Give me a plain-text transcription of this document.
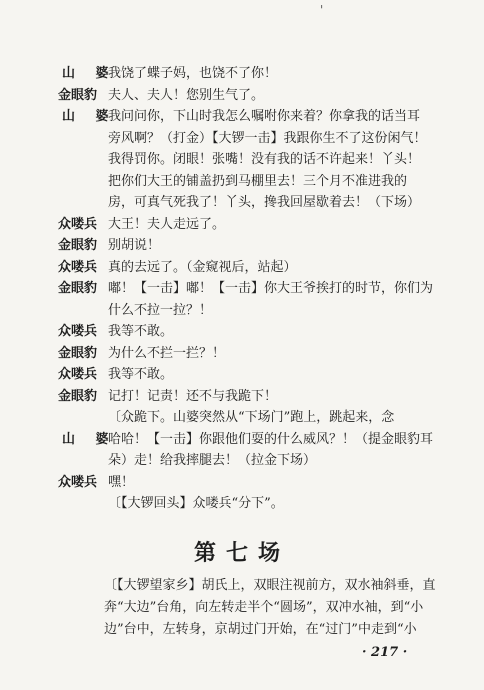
'
山 婆
我饶了蝶子妈，也饶不了你！
金眼豹 夫人、夫人！您别生气了。
山 婆
我问问你，下山时我怎么嘱咐你来着？你拿我的话当耳
旁风啊？（打金）【大锣一击】我跟你生不了这份闲气！
我得罚你。闭眼！张嘴！没有我的话不许起来！丫头！
把你们大王的铺盖扔到马棚里去！三个月不准进我的
房，可真气死我了！丫头，搀我回屋歇着去！（下场）
众喽兵 大王！夫人走远了。
金眼豹 别胡说！
众喽兵 真的去远了。（金窥视后，站起）
金眼豹 嘟！【一击】嘟！【一击】你大王爷挨打的时节，你们为
什么不拉一拉？！
众喽兵 我等不敢。
金眼豹 为什么不拦一拦？！
众喽兵 我等不敢。
金眼豹 记打！记责！还不与我跪下！
〔众跪下。山婆突然从“下场门”跑上，跳起来，念
山 婆
哈哈！【一击】你跟他们耍的什么威风？！（提金眼豹耳
朵）走！给我摔腿去！（拉金下场）
众喽兵 嘿！
〔【大锣回头】众喽兵“分下”。
第七场
〔【大锣望家乡】胡氏上，双眼注视前方，双水袖斜垂，直
奔“大边”台角，向左转走半个“圆场”，双冲水袖，到“小
边”台中，左转身，京胡过门开始，在“过门”中走到“小
· 217 ·
